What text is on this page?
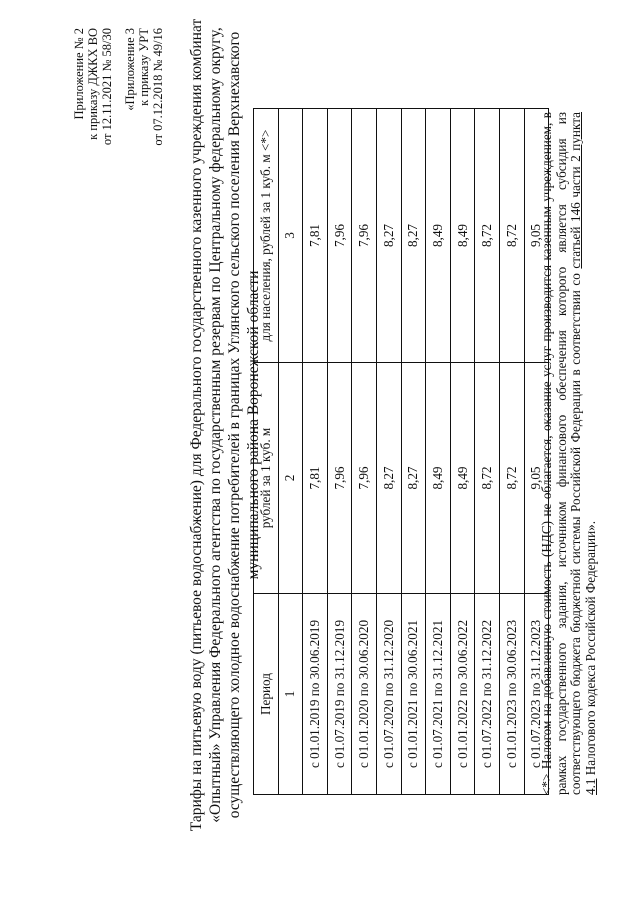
Приложение № 2 к приказу ДЖКХ ВО от 12.11.2021 № 58/30 «Приложение 3 к приказу УРТ от 07.12.2018 № 49/16 Тарифы на питьевую воду (питьевое водоснабжение) для Федерального государственного казенного учреждения комбинат «Опытный» Управления Федерального агентства по государственным резервам по Центральному федеральному округу, осуществляющего холодное водоснабжение потребителей в границах Углянского сельского поселения Верхнехавского муниципального района Воронежской области

Период	рублей за 1 куб. м	для населения, рублей за 1 куб. м <*>
1	2	3
с 01.01.2019 по 30.06.2019	7,81	7,81
с 01.07.2019 по 31.12.2019	7,96	7,96
с 01.01.2020 по 30.06.2020	7,96	7,96
с 01.07.2020 по 31.12.2020	8,27	8,27
с 01.01.2021 по 30.06.2021	8,27	8,27
с 01.07.2021 по 31.12.2021	8,49	8,49
с 01.01.2022 по 30.06.2022	8,49	8,49
с 01.07.2022 по 31.12.2022	8,72	8,72
с 01.01.2023 по 30.06.2023	8,72	8,72
с 01.07.2023 по 31.12.2023	9,05	9,05

<*> Налогом на добавленную стоимость (НДС) не облагается, оказание услуг производится казенным учреждением, в рамках государственного задания, источником финансового обеспечения которого является субсидия из соответствующего бюджета бюджетной системы Российской Федерации в соответствии со статьей 146 части 2 пункта 4.1 Налогового кодекса Российской Федерации».
